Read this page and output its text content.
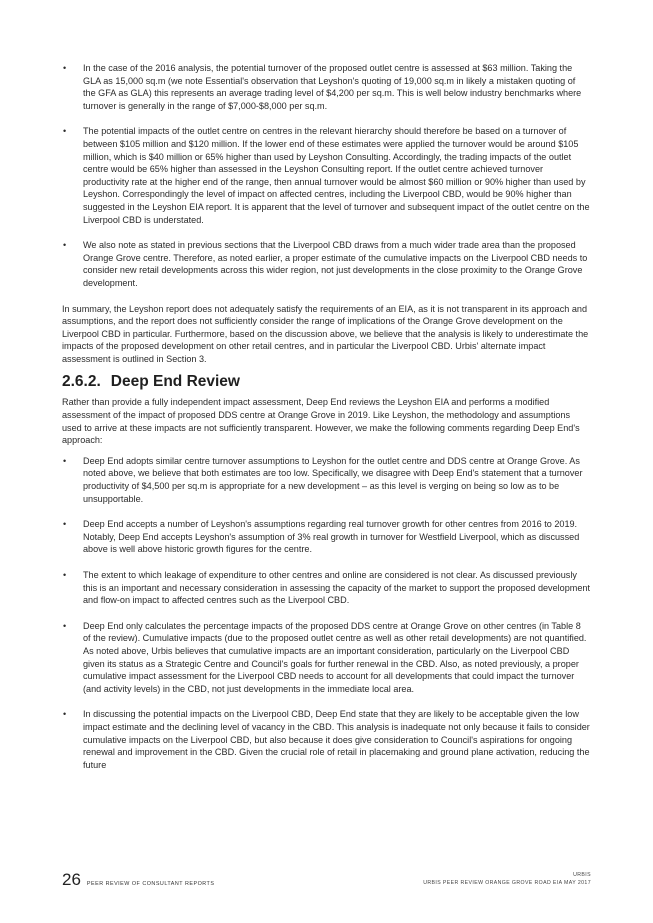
• In the case of the 2016 analysis, the potential turnover of the proposed outlet centre is assessed at $63 million. Taking the GLA as 15,000 sq.m (we note Essential's observation that Leyshon's quoting of 19,000 sq.m in likely a mistaken quoting of the GFA as GLA) this represents an average trading level of $4,200 per sq.m. This is well below industry benchmarks where turnover is generally in the range of $7,000-$8,000 per sq.m.
• The potential impacts of the outlet centre on centres in the relevant hierarchy should therefore be based on a turnover of between $105 million and $120 million. If the lower end of these estimates were applied the turnover would be around $105 million, which is $40 million or 65% higher than used by Leyshon Consulting. Accordingly, the trading impacts of the outlet centre would be 65% higher than assessed in the Leyshon Consulting report. If the outlet centre achieved turnover productivity rate at the higher end of the range, then annual turnover would be almost $60 million or 90% higher than used by Leyshon. Correspondingly the level of impact on affected centres, including the Liverpool CBD, would be 90% higher than suggested in the Leyshon EIA report. It is apparent that the level of turnover and subsequent impact of the outlet centre on the Liverpool CBD is understated.
• We also note as stated in previous sections that the Liverpool CBD draws from a much wider trade area than the proposed Orange Grove centre. Therefore, as noted earlier, a proper estimate of the cumulative impacts on the Liverpool CBD needs to consider new retail developments across this wider region, not just developments in the close proximity to the Orange Grove development.

In summary, the Leyshon report does not adequately satisfy the requirements of an EIA, as it is not transparent in its approach and assumptions, and the report does not sufficiently consider the range of implications of the Orange Grove development on the Liverpool CBD in particular. Furthermore, based on the discussion above, we believe that the analysis is likely to underestimate the impacts of the proposed development on other retail centres, and in particular the Liverpool CBD. Urbis' alternate impact assessment is outlined in Section 3.

2.6.2. Deep End Review

Rather than provide a fully independent impact assessment, Deep End reviews the Leyshon EIA and performs a modified assessment of the impact of proposed DDS centre at Orange Grove in 2019. Like Leyshon, the methodology and assumptions used to arrive at these impacts are not sufficiently transparent. However, we make the following comments regarding Deep End's approach:

• Deep End adopts similar centre turnover assumptions to Leyshon for the outlet centre and DDS centre at Orange Grove. As noted above, we believe that both estimates are too low. Specifically, we disagree with Deep End's statement that a turnover productivity of $4,500 per sq.m is appropriate for a new development – as this level is verging on being so low as to be unsupportable.
• Deep End accepts a number of Leyshon's assumptions regarding real turnover growth for other centres from 2016 to 2019. Notably, Deep End accepts Leyshon's assumption of 3% real growth in turnover for Westfield Liverpool, which as discussed above is well above historic growth figures for the centre.
• The extent to which leakage of expenditure to other centres and online are considered is not clear. As discussed previously this is an important and necessary consideration in assessing the capacity of the market to support the proposed development and flow-on impact to affected centres such as the Liverpool CBD.
• Deep End only calculates the percentage impacts of the proposed DDS centre at Orange Grove on other centres (in Table 8 of the review). Cumulative impacts (due to the proposed outlet centre as well as other retail developments) are not quantified. As noted above, Urbis believes that cumulative impacts are an important consideration, particularly on the Liverpool CBD given its status as a Strategic Centre and Council's goals for further renewal in the CBD. Also, as noted previously, a proper cumulative impact assessment for the Liverpool CBD needs to account for all developments that could impact the turnover (and activity levels) in the CBD, not just developments in the immediate local area.
• In discussing the potential impacts on the Liverpool CBD, Deep End state that they are likely to be acceptable given the low impact estimate and the declining level of vacancy in the CBD. This analysis is inadequate not only because it fails to consider cumulative impacts on the Liverpool CBD, but also because it does give consideration to Council's aspirations for ongoing renewal and improvement in the CBD. Given the crucial role of retail in placemaking and ground plane activation, reducing the future
26 PEER REVIEW OF CONSULTANT REPORTS
URBIS
URBIS PEER REVIEW ORANGE GROVE ROAD EIA MAY 2017
